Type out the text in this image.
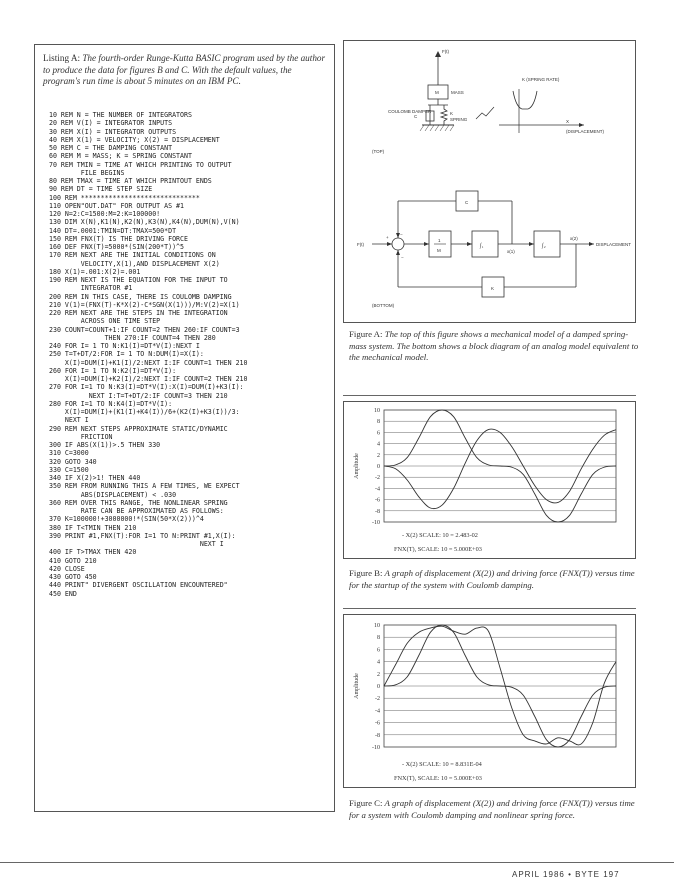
Listing A: The fourth-order Runge-Kutta BASIC program used by the author to produce the data for figures B and C. With the default values, the program's run time is about 5 minutes on an IBM PC.
10 REM N = THE NUMBER OF INTEGRATORS
20 REM V(I) = INTEGRATOR INPUTS
30 REM X(I) = INTEGRATOR OUTPUTS
40 REM X(1) = VELOCITY; X(2) = DISPLACEMENT
50 REM C = THE DAMPING CONSTANT
60 REM M = MASS; K = SPRING CONSTANT
70 REM TMIN = TIME AT WHICH PRINTING TO OUTPUT
FILE BEGINS
80 REM TMAX = TIME AT WHICH PRINTOUT ENDS
90 REM DT = TIME STEP SIZE
100 REM ******************************
110 OPEN"OUT.DAT" FOR OUTPUT AS #1
120 N=2:C=1500:M=2:K=100000!
130 DIM X(N),K1(N),K2(N),K3(N),K4(N),DUM(N),V(N)
140 DT=.0001:TMIN=DT:TMAX=500*DT
150 REM FNX(T) IS THE DRIVING FORCE
160 DEF FNX(T)=5000*(SIN(200*T))^5
170 REM NEXT ARE THE INITIAL CONDITIONS ON
VELOCITY,X(1),AND DISPLACEMENT X(2)
180 X(1)=.001:X(2)=.001
190 REM NEXT IS THE EQUATION FOR THE INPUT TO
INTEGRATOR #1
200 REM IN THIS CASE, THERE IS COULOMB DAMPING
210 V(1)=(FNX(T)-K*X(2)-C*SGN(X(1)))/M:V(2)=X(1)
220 REM NEXT ARE THE STEPS IN THE INTEGRATION
ACROSS ONE TIME STEP
230 COUNT=COUNT+1:IF COUNT=2 THEN 260:IF COUNT=3
THEN 270:IF COUNT=4 THEN 280
240 FOR I= 1 TO N:K1(I)=DT*V(I):NEXT I
250 T=T+DT/2:FOR I= 1 TO N:DUM(I)=X(I):
X(I)=DUM(I)+K1(I)/2:NEXT I:IF COUNT=1 THEN 210
260 FOR I= 1 TO N:K2(I)=DT*V(I):
X(I)=DUM(I)+K2(I)/2:NEXT I:IF COUNT=2 THEN 210
270 FOR I=1 TO N:K3(I)=DT*V(I):X(I)=DUM(I)+K3(I):
NEXT I:T=T+DT/2:IF COUNT=3 THEN 210
280 FOR I=1 TO N:K4(I)=DT*V(I):
X(I)=DUM(I)+(K1(I)+K4(I))/6+(K2(I)+K3(I))/3:
NEXT I
290 REM NEXT STEPS APPROXIMATE STATIC/DYNAMIC
FRICTION
300 IF ABS(X(1))>.5 THEN 330
310 C=3000
320 GOTO 340
330 C=1500
340 IF X(2)>1! THEN 440
350 REM FROM RUNNING THIS A FEW TIMES, WE EXPECT
ABS(DISPLACEMENT) < .030
360 REM OVER THIS RANGE, THE NONLINEAR SPRING
RATE CAN BE APPROXIMATED AS FOLLOWS:
370 K=100000!+3000000!*(SIN(50*X(2)))^4
380 IF T<TMIN THEN 210
390 PRINT #1,FNX(T):FOR I=1 TO N:PRINT #1,X(I):
NEXT I
400 IF T>TMAX THEN 420
410 GOTO 210
420 CLOSE
430 GOTO 450
440 PRINT" DIVERGENT OSCILLATION ENCOUNTERED"
450 END
F(t)
M	MASS
C
COULOMB DAMPER	K
SPRING
K (SPRING RATE)
X
(DISPLACEMENT)
(TOP)
F(t)
+
−
1
M
∫₁
x(1)
∫₂
x(2)
DISPLACEMENT
C
K
−
(BOTTOM)
Figure A: The top of this figure shows a mechanical model of a damped spring-mass system. The bottom shows a block diagram of an analog model equivalent to the mechanical model.
10
8
6
4
2
0
-2
-4
-6
-8
-10
Amplitude
- X(2) SCALE: 10 = 2.483-02
FNX(T), SCALE: 10 = 5.000E+03
Figure B: A graph of displacement (X(2)) and driving force (FNX(T)) versus time for the startup of the system with Coulomb damping.
10
8
6
4
2
0
-2
-4
-6
-8
-10
Amplitude
- X(2) SCALE: 10 = 8.831E-04
FNX(T), SCALE: 10 = 5.000E+03
Figure C: A graph of displacement (X(2)) and driving force (FNX(T)) versus time for a system with Coulomb damping and nonlinear spring force.
APRIL 1986 • BYTE 197
